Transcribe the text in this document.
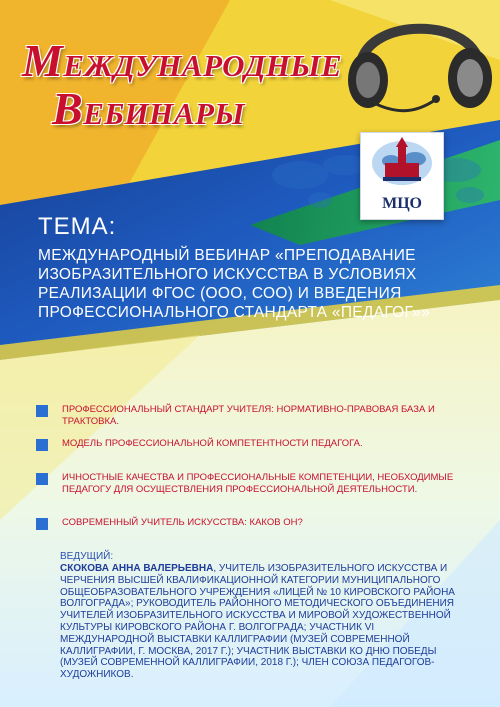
МЕЖДУНАРОДНЫЕ
ВЕБИНАРЫ
МЦО
ТЕМА:
МЕЖДУНАРОДНЫЙ ВЕБИНАР «ПРЕПОДАВАНИЕ ИЗОБРАЗИТЕЛЬНОГО ИСКУССТВА В УСЛОВИЯХ РЕАЛИЗАЦИИ ФГОС (ООО, СОО) И ВВЕДЕНИЯ ПРОФЕССИОНАЛЬНОГО СТАНДАРТА «ПЕДАГОГ»»
ПРОФЕССИОНАЛЬНЫЙ СТАНДАРТ УЧИТЕЛЯ: НОРМАТИВНО-ПРАВОВАЯ БАЗА И ТРАКТОВКА.
МОДЕЛЬ ПРОФЕССИОНАЛЬНОЙ КОМПЕТЕНТНОСТИ ПЕДАГОГА.
ИЧНОСТНЫЕ КАЧЕСТВА И ПРОФЕССИОНАЛЬНЫЕ КОМПЕТЕНЦИИ, НЕОБХОДИМЫЕ ПЕДАГОГУ ДЛЯ ОСУЩЕСТВЛЕНИЯ ПРОФЕССИОНАЛЬНОЙ ДЕЯТЕЛЬНОСТИ.
СОВРЕМЕННЫЙ УЧИТЕЛЬ ИСКУССТВА: КАКОВ ОН?
ВЕДУЩИЙ:
СКОКОВА АННА ВАЛЕРЬЕВНА, УЧИТЕЛЬ ИЗОБРАЗИТЕЛЬНОГО ИСКУССТВА И ЧЕРЧЕНИЯ ВЫСШЕЙ КВАЛИФИКАЦИОННОЙ КАТЕГОРИИ МУНИЦИПАЛЬНОГО ОБЩЕОБРАЗОВАТЕЛЬНОГО УЧРЕЖДЕНИЯ «ЛИЦЕЙ № 10 КИРОВСКОГО РАЙОНА ВОЛГОГРАДА»; РУКОВОДИТЕЛЬ РАЙОННОГО МЕТОДИЧЕСКОГО ОБЪЕДИНЕНИЯ УЧИТЕЛЕЙ ИЗОБРАЗИТЕЛЬНОГО ИСКУССТВА И МИРОВОЙ ХУДОЖЕСТВЕННОЙ КУЛЬТУРЫ КИРОВСКОГО РАЙОНА Г. ВОЛГОГРАДА; УЧАСТНИК VI МЕЖДУНАРОДНОЙ ВЫСТАВКИ КАЛЛИГРАФИИ (МУЗЕЙ СОВРЕМЕННОЙ КАЛЛИГРАФИИ, Г. МОСКВА, 2017 Г.); УЧАСТНИК ВЫСТАВКИ КО ДНЮ ПОБЕДЫ (МУЗЕЙ СОВРЕМЕННОЙ КАЛЛИГРАФИИ, 2018 Г.); ЧЛЕН СОЮЗА ПЕДАГОГОВ-ХУДОЖНИКОВ.
